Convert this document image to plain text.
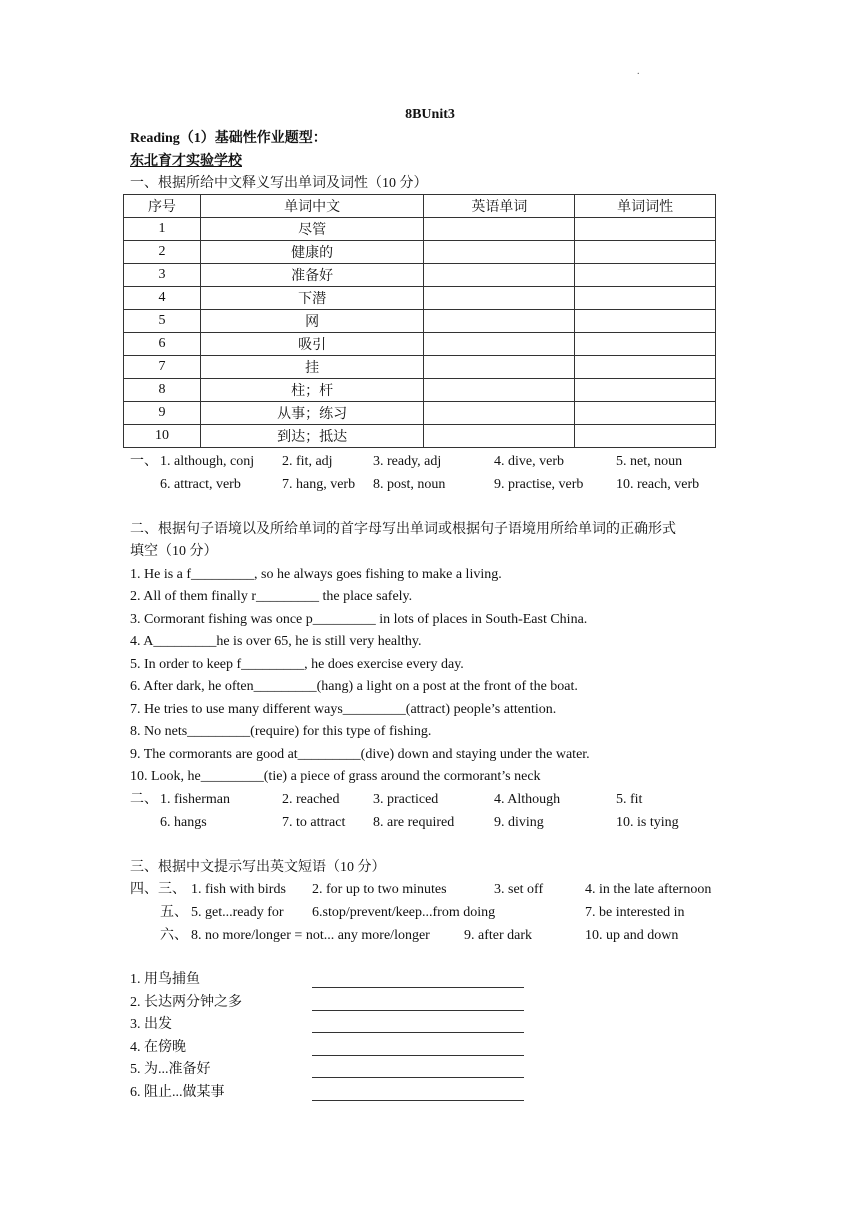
.
8BUnit3
Reading（1）基础性作业题型：
东北育才实验学校
一、根据所给中文释义写出单词及词性（10 分）
序号	单词中文	英语单词	单词词性
1	尽管		
2	健康的		
3	准备好		
4	下潜		
5	网		
6	吸引		
7	挂		
8	柱；杆		
9	从事；练习		
10	到达；抵达		
一、 1. although, conj 2. fit, adj	3. ready, adj	4. dive, verb	5. net, noun
6. attract, verb	7. hang, verb 8. post, noun	9. practise, verb 10. reach, verb
二、根据句子语境以及所给单词的首字母写出单词或根据句子语境用所给单词的正确形式
填空（10 分）
1. He is a f_________, so he always goes fishing to make a living.
2. All of them finally r_________ the place safely.
3. Cormorant fishing was once p_________ in lots of places in South-East China.
4. A_________he is over 65, he is still very healthy.
5. In order to keep f_________, he does exercise every day.
6. After dark, he often_________(hang) a light on a post at the front of the boat.
7. He tries to use many different ways_________(attract) people’s attention.
8. No nets_________(require) for this type of fishing.
9. The cormorants are good at_________(dive) down and staying under the water.
10. Look, he_________(tie) a piece of grass around the cormorant’s neck
二、 1. fisherman	2. reached 3. practiced	4. Although	5. fit
6. hangs	7. to attract 8. are required	9. diving	10. is tying
三、根据中文提示写出英文短语（10 分）
四、三、 1. fish with birds 2. for up to two minutes	3. set off	4. in the late afternoon
五、 5. get...ready for 6.stop/prevent/keep...from doing	7. be interested in
六、 8. no more/longer = not... any more/longer 9. after dark	10. up and down
1. 用鸟捕鱼
2. 长达两分钟之多
3. 出发
4. 在傍晚
5. 为...准备好
6. 阻止...做某事
